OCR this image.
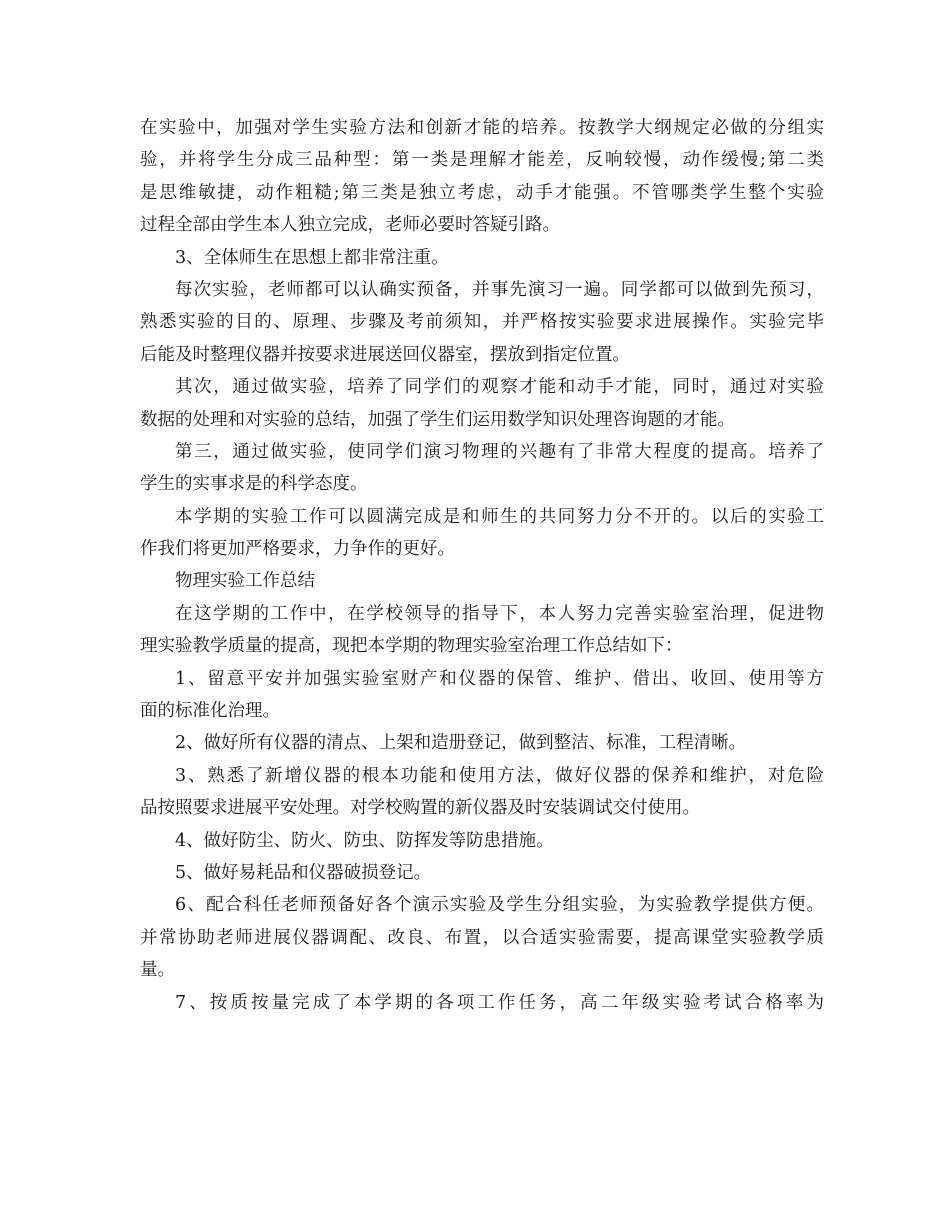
在实验中，加强对学生实验方法和创新才能的培养。按教学大纲规定必做的分组实
验，并将学生分成三品种型：第一类是理解才能差，反响较慢，动作缓慢;第二类
是思维敏捷，动作粗糙;第三类是独立考虑，动手才能强。不管哪类学生整个实验
过程全部由学生本人独立完成，老师必要时答疑引路。
3、全体师生在思想上都非常注重。
每次实验，老师都可以认确实预备，并事先演习一遍。同学都可以做到先预习，
熟悉实验的目的、原理、步骤及考前须知，并严格按实验要求进展操作。实验完毕
后能及时整理仪器并按要求进展送回仪器室，摆放到指定位置。
其次，通过做实验，培养了同学们的观察才能和动手才能，同时，通过对实验
数据的处理和对实验的总结，加强了学生们运用数学知识处理咨询题的才能。
第三，通过做实验，使同学们演习物理的兴趣有了非常大程度的提高。培养了
学生的实事求是的科学态度。
本学期的实验工作可以圆满完成是和师生的共同努力分不开的。以后的实验工
作我们将更加严格要求，力争作的更好。
物理实验工作总结
在这学期的工作中，在学校领导的指导下，本人努力完善实验室治理，促进物
理实验教学质量的提高，现把本学期的物理实验室治理工作总结如下：
1、留意平安并加强实验室财产和仪器的保管、维护、借出、收回、使用等方
面的标准化治理。
2、做好所有仪器的清点、上架和造册登记，做到整洁、标准，工程清晰。
3、熟悉了新增仪器的根本功能和使用方法，做好仪器的保养和维护，对危险
品按照要求进展平安处理。对学校购置的新仪器及时安装调试交付使用。
4、做好防尘、防火、防虫、防挥发等防患措施。
5、做好易耗品和仪器破损登记。
6、配合科任老师预备好各个演示实验及学生分组实验，为实验教学提供方便。
并常协助老师进展仪器调配、改良、布置，以合适实验需要，提高课堂实验教学质
量。
7、按质按量完成了本学期的各项工作任务，高二年级实验考试合格率为
